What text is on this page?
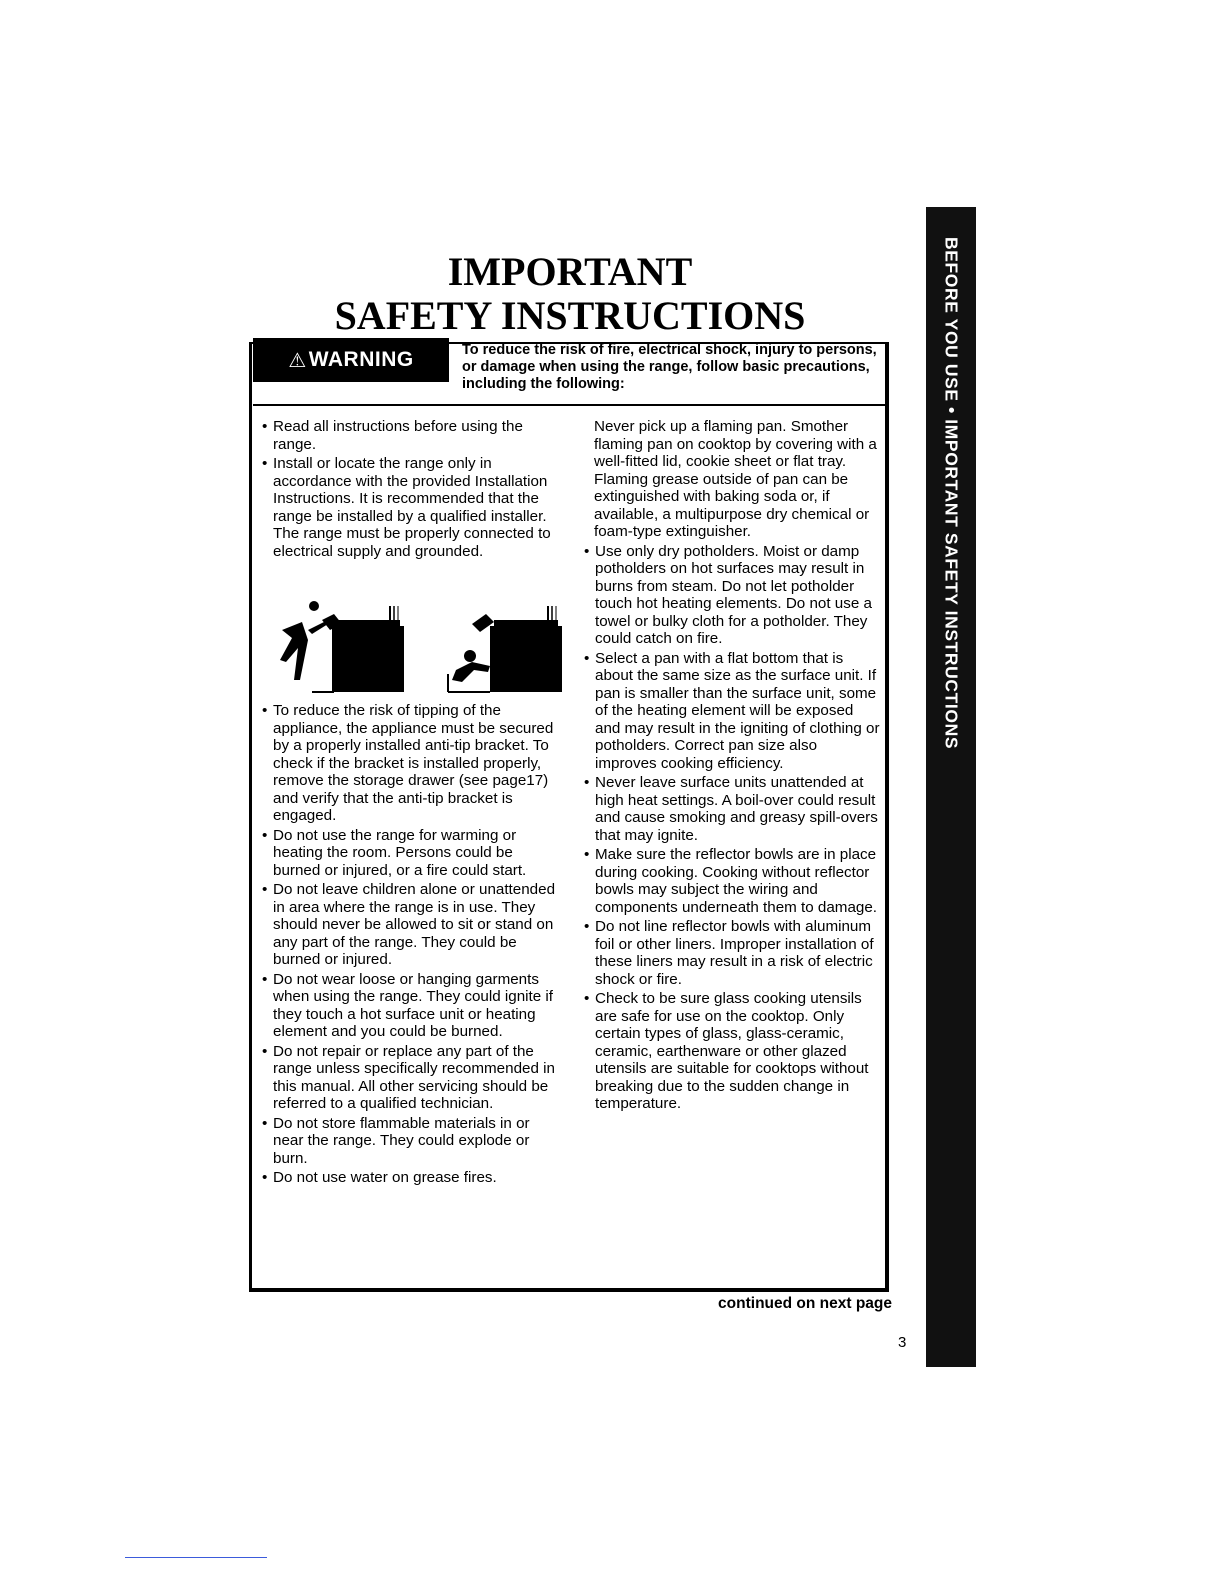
IMPORTANT
SAFETY INSTRUCTIONS
⚠ WARNING	To reduce the risk of fire, electrical shock, injury to persons, or damage when using the range, follow basic precautions, including the following:

• Read all instructions before using the range.
• Install or locate the range only in accordance with the provided Installation Instructions. It is recommended that the range be installed by a qualified installer. The range must be properly connected to electrical supply and grounded.
• To reduce the risk of tipping of the appliance, the appliance must be secured by a properly installed anti-tip bracket. To check if the bracket is installed properly, remove the storage drawer (see page17) and verify that the anti-tip bracket is engaged.
• Do not use the range for warming or heating the room. Persons could be burned or injured, or a fire could start.
• Do not leave children alone or unattended in area where the range is in use. They should never be allowed to sit or stand on any part of the range. They could be burned or injured.
• Do not wear loose or hanging garments when using the range. They could ignite if they touch a hot surface unit or heating element and you could be burned.
• Do not repair or replace any part of the range unless specifically recommended in this manual. All other servicing should be referred to a qualified technician.
• Do not store flammable materials in or near the range. They could explode or burn.
• Do not use water on grease fires.

Never pick up a flaming pan. Smother flaming pan on cooktop by covering with a well-fitted lid, cookie sheet or flat tray. Flaming grease outside of pan can be extinguished with baking soda or, if available, a multipurpose dry chemical or foam-type extinguisher.

• Use only dry potholders. Moist or damp potholders on hot surfaces may result in burns from steam. Do not let potholder touch hot heating elements. Do not use a towel or bulky cloth for a potholder. They could catch on fire.
• Select a pan with a flat bottom that is about the same size as the surface unit. If pan is smaller than the surface unit, some of the heating element will be exposed and may result in the igniting of clothing or potholders. Correct pan size also improves cooking efficiency.
• Never leave surface units unattended at high heat settings. A boil-over could result and cause smoking and greasy spill-overs that may ignite.
• Make sure the reflector bowls are in place during cooking. Cooking without reflector bowls may subject the wiring and components underneath them to damage.
• Do not line reflector bowls with aluminum foil or other liners. Improper installation of these liners may result in a risk of electric shock or fire.
• Check to be sure glass cooking utensils are safe for use on the cooktop. Only certain types of glass, glass-ceramic, ceramic, earthenware or other glazed utensils are suitable for cooktops without breaking due to the sudden change in temperature.

continued on next page

3

BEFORE YOU USE • IMPORTANT SAFETY INSTRUCTIONS
